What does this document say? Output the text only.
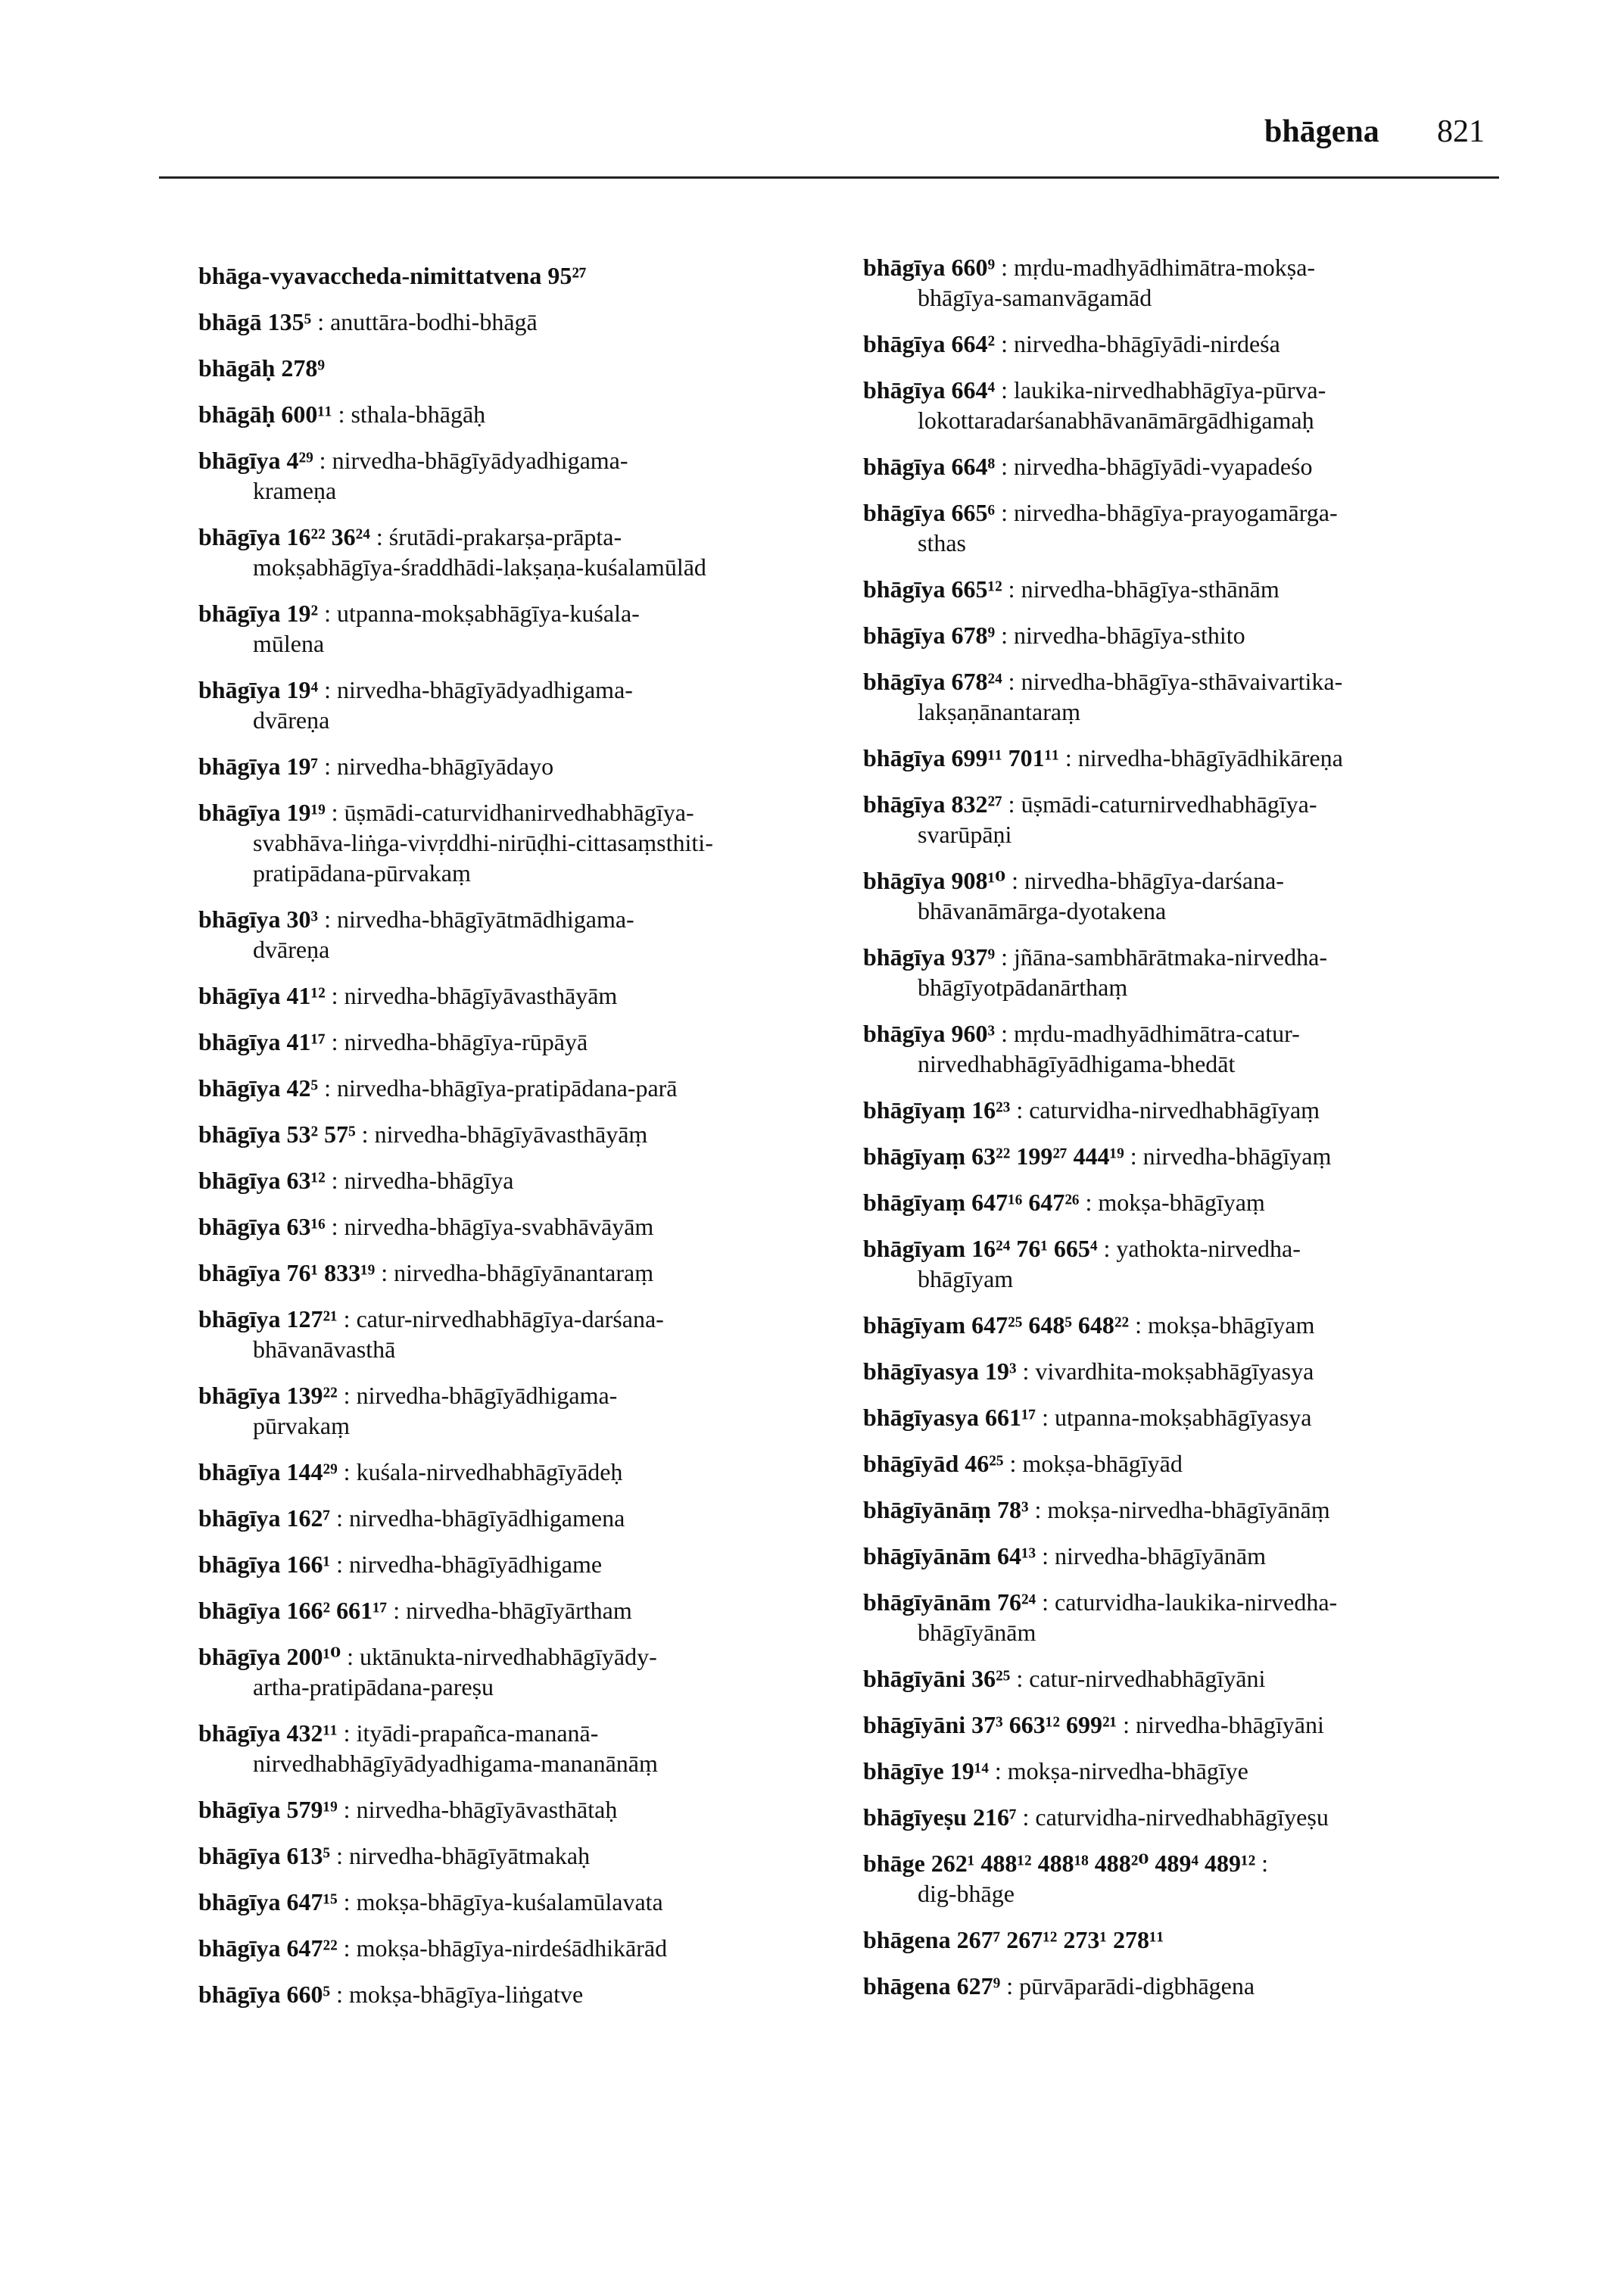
bhāgena 821
bhāga-vyavaccheda-nimittatvena 95²⁷
bhāgā 135⁵ : anuttāra-bodhi-bhāgā
bhāgāḥ 278⁹
bhāgāḥ 600¹¹ : sthala-bhāgāḥ
bhāgīya 4²⁹ : nirvedha-bhāgīyādyadhigama-
krameṇa
bhāgīya 16²² 36²⁴ : śrutādi-prakarṣa-prāpta-
mokṣabhāgīya-śraddhādi-lakṣaṇa-kuśalamūlād
bhāgīya 19² : utpanna-mokṣabhāgīya-kuśala-
mūlena
bhāgīya 19⁴ : nirvedha-bhāgīyādyadhigama-
dvāreṇa
bhāgīya 19⁷ : nirvedha-bhāgīyādayo
bhāgīya 19¹⁹ : ūṣmādi-caturvidhanirvedhabhāgīya-
svabhāva-liṅga-vivṛddhi-nirūḍhi-cittasaṃsthiti-pratipādana-pūrvakaṃ
bhāgīya 30³ : nirvedha-bhāgīyātmādhigama-
dvāreṇa
bhāgīya 41¹² : nirvedha-bhāgīyāvasthāyām
bhāgīya 41¹⁷ : nirvedha-bhāgīya-rūpāyā
bhāgīya 42⁵ : nirvedha-bhāgīya-pratipādana-parā
bhāgīya 53² 57⁵ : nirvedha-bhāgīyāvasthāyāṃ
bhāgīya 63¹² : nirvedha-bhāgīya
bhāgīya 63¹⁶ : nirvedha-bhāgīya-svabhāvāyām
bhāgīya 76¹ 833¹⁹ : nirvedha-bhāgīyānantaraṃ
bhāgīya 127²¹ : catur-nirvedhabhāgīya-darśana-
bhāvanāvasthā
bhāgīya 139²² : nirvedha-bhāgīyādhigama-
pūrvakaṃ
bhāgīya 144²⁹ : kuśala-nirvedhabhāgīyādeḥ
bhāgīya 162⁷ : nirvedha-bhāgīyādhigamena
bhāgīya 166¹ : nirvedha-bhāgīyādhigame
bhāgīya 166² 661¹⁷ : nirvedha-bhāgīyārtham
bhāgīya 200¹⁰ : uktānukta-nirvedhabhāgīyādy-
artha-pratipādana-pareṣu
bhāgīya 432¹¹ : ityādi-prapañca-mananā-
nirvedhabhāgīyādyadhigama-mananānāṃ
bhāgīya 579¹⁹ : nirvedha-bhāgīyāvasthātaḥ
bhāgīya 613⁵ : nirvedha-bhāgīyātmakaḥ
bhāgīya 647¹⁵ : mokṣa-bhāgīya-kuśalamūlavata
bhāgīya 647²² : mokṣa-bhāgīya-nirdeśādhikārād
bhāgīya 660⁵ : mokṣa-bhāgīya-liṅgatve
bhāgīya 660⁹ : mṛdu-madhyādhimātra-mokṣa-
bhāgīya-samanvāgamād
bhāgīya 664² : nirvedha-bhāgīyādi-nirdeśa
bhāgīya 664⁴ : laukika-nirvedhabhāgīya-pūrva-
lokottaradarśanabhāvanāmārgādhigamaḥ
bhāgīya 664⁸ : nirvedha-bhāgīyādi-vyapadeśo
bhāgīya 665⁶ : nirvedha-bhāgīya-prayogamārga-
sthas
bhāgīya 665¹² : nirvedha-bhāgīya-sthānām
bhāgīya 678⁹ : nirvedha-bhāgīya-sthito
bhāgīya 678²⁴ : nirvedha-bhāgīya-sthāvaivartika-
lakṣaṇānantaraṃ
bhāgīya 699¹¹ 701¹¹ : nirvedha-bhāgīyādhikāreṇa
bhāgīya 832²⁷ : ūṣmādi-caturnirvedhabhāgīya-
svarūpāṇi
bhāgīya 908¹⁰ : nirvedha-bhāgīya-darśana-
bhāvanāmārga-dyotakena
bhāgīya 937⁹ : jñāna-sambhārātmaka-nirvedha-
bhāgīyotpādanārthaṃ
bhāgīya 960³ : mṛdu-madhyādhimātra-catur-
nirvedhabhāgīyādhigama-bhedāt
bhāgīyaṃ 16²³ : caturvidha-nirvedhabhāgīyaṃ
bhāgīyaṃ 63²² 199²⁷ 444¹⁹ : nirvedha-bhāgīyaṃ
bhāgīyaṃ 647¹⁶ 647²⁶ : mokṣa-bhāgīyaṃ
bhāgīyam 16²⁴ 76¹ 665⁴ : yathokta-nirvedha-
bhāgīyam
bhāgīyam 647²⁵ 648⁵ 648²² : mokṣa-bhāgīyam
bhāgīyasya 19³ : vivardhita-mokṣabhāgīyasya
bhāgīyasya 661¹⁷ : utpanna-mokṣabhāgīyasya
bhāgīyād 46²⁵ : mokṣa-bhāgīyād
bhāgīyānāṃ 78³ : mokṣa-nirvedha-bhāgīyānāṃ
bhāgīyānām 64¹³ : nirvedha-bhāgīyānām
bhāgīyānām 76²⁴ : caturvidha-laukika-nirvedha-
bhāgīyānām
bhāgīyāni 36²⁵ : catur-nirvedhabhāgīyāni
bhāgīyāni 37³ 663¹² 699²¹ : nirvedha-bhāgīyāni
bhāgīye 19¹⁴ : mokṣa-nirvedha-bhāgīye
bhāgīyeṣu 216⁷ : caturvidha-nirvedhabhāgīyeṣu
bhāge 262¹ 488¹² 488¹⁸ 488²⁰ 489⁴ 489¹² :
dig-bhāge
bhāgena 267⁷ 267¹² 273¹ 278¹¹
bhāgena 627⁹ : pūrvāparādi-digbhāgena
